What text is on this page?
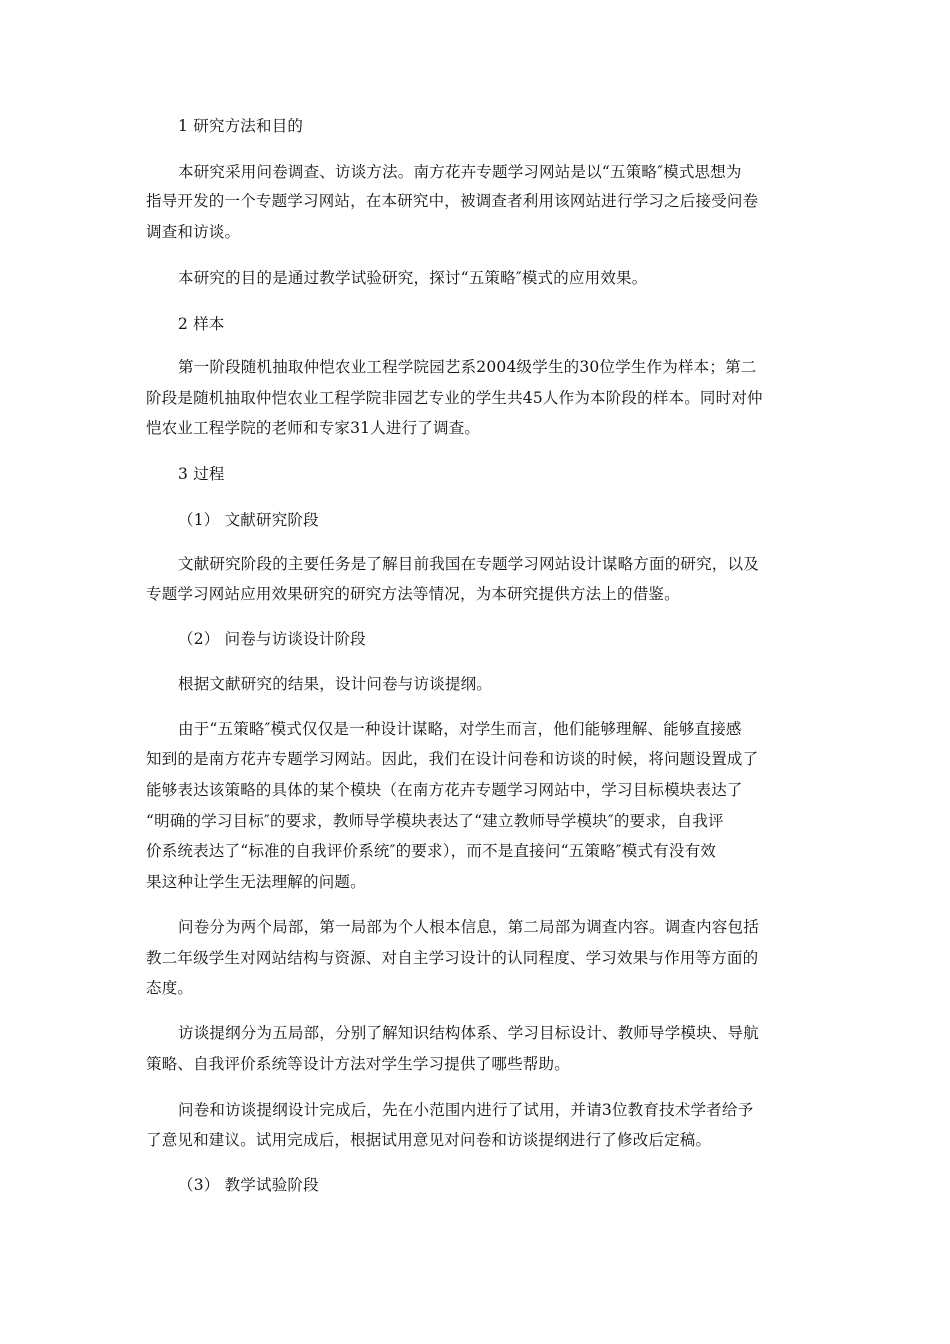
1 研究方法和目的
本研究采用问卷调查、访谈方法。南方花卉专题学习网站是以“五策略″模式思想为
指导开发的一个专题学习网站，在本研究中，被调查者利用该网站进行学习之后接受问卷
调查和访谈。
本研究的目的是通过教学试验研究，探讨“五策略″模式的应用效果。
2 样本
第一阶段随机抽取仲恺农业工程学院园艺系2004级学生的30位学生作为样本；第二
阶段是随机抽取仲恺农业工程学院非园艺专业的学生共45人作为本阶段的样本。同时对仲
恺农业工程学院的老师和专家31人进行了调查。
3 过程
（1） 文献研究阶段
文献研究阶段的主要任务是了解目前我国在专题学习网站设计谋略方面的研究，以及
专题学习网站应用效果研究的研究方法等情况，为本研究提供方法上的借鉴。
（2） 问卷与访谈设计阶段
根据文献研究的结果，设计问卷与访谈提纲。
由于“五策略″模式仅仅是一种设计谋略，对学生而言，他们能够理解、能够直接感
知到的是南方花卉专题学习网站。因此，我们在设计问卷和访谈的时候，将问题设置成了
能够表达该策略的具体的某个模块（在南方花卉专题学习网站中，学习目标模块表达了
“明确的学习目标″的要求，教师导学模块表达了“建立教师导学模块″的要求，自我评
价系统表达了“标准的自我评价系统″的要求），而不是直接问“五策略″模式有没有效
果这种让学生无法理解的问题。
问卷分为两个局部，第一局部为个人根本信息，第二局部为调查内容。调查内容包括
教二年级学生对网站结构与资源、对自主学习设计的认同程度、学习效果与作用等方面的
态度。
访谈提纲分为五局部，分别了解知识结构体系、学习目标设计、教师导学模块、导航
策略、自我评价系统等设计方法对学生学习提供了哪些帮助。
问卷和访谈提纲设计完成后，先在小范围内进行了试用，并请3位教育技术学者给予
了意见和建议。试用完成后，根据试用意见对问卷和访谈提纲进行了修改后定稿。
（3） 教学试验阶段
